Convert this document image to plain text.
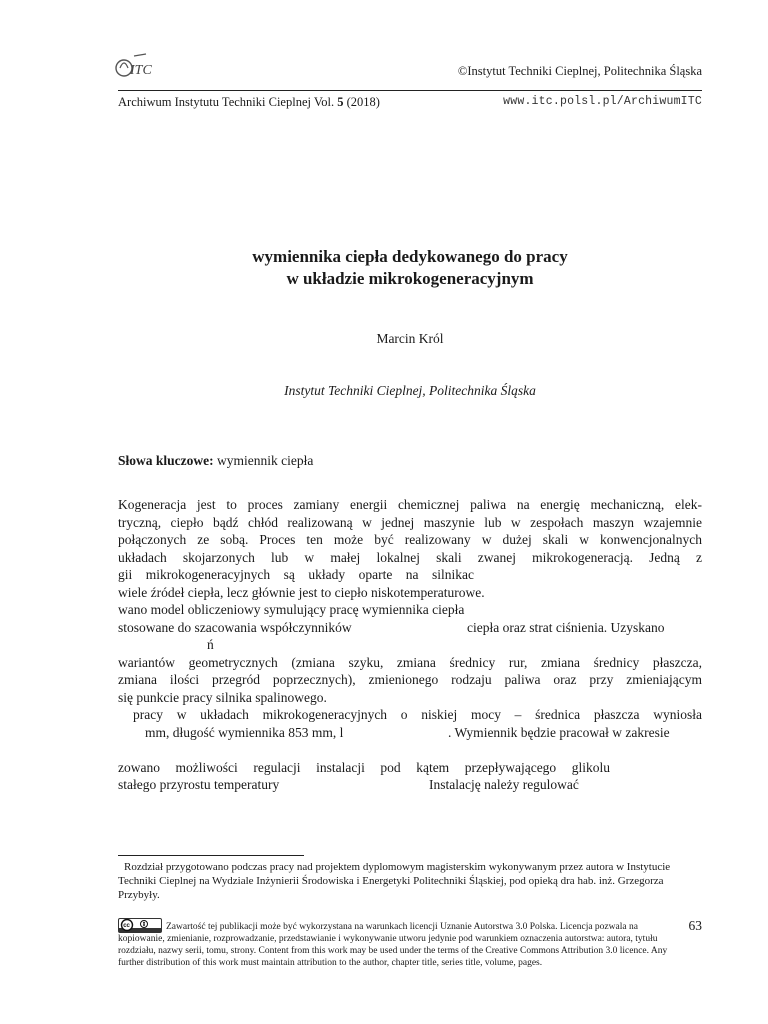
ITC	©Instytut Techniki Cieplnej, Politechnika Śląska
Archiwum Instytutu Techniki Cieplnej Vol. 5 (2018)	www.itc.polsl.pl/ArchiwumITC
wymiennika ciepła dedykowanego do pracy
w układzie mikrokogeneracyjnym
Marcin Król
Instytut Techniki Cieplnej, Politechnika Śląska
Słowa kluczowe: wymiennik ciepła
Kogeneracja jest to proces zamiany energii chemicznej paliwa na energię mechaniczną, elek-
tryczną, ciepło bądź chłód realizowaną w jednej maszynie lub w zespołach maszyn wzajemnie
połączonych ze sobą. Proces ten może być realizowany w dużej skali w konwencjonalnych
układach skojarzonych lub w małej lokalnej skali zwanej mikrokogeneracją. Jedną z
gii mikrokogeneracyjnych są układy oparte na silnikac
wiele źródeł ciepła, lecz głównie jest to ciepło niskotemperaturowe.
wano model obliczeniowy symulujący pracę wymiennika ciepła
stosowane do szacowania współczynników	ciepła oraz strat ciśnienia. Uzyskano
ń
wariantów geometrycznych (zmiana szyku, zmiana średnicy rur, zmiana średnicy płaszcza,
zmiana ilości przegród poprzecznych), zmienionego rodzaju paliwa oraz przy zmieniającym
się punkcie pracy silnika spalinowego.
pracy w układach mikrokogeneracyjnych o niskiej mocy – średnica płaszcza wyniosła
mm, długość wymiennika 853 mm, l	. Wymiennik będzie pracował w zakresie
zowano możliwości regulacji instalacji pod kątem przepływającego glikolu
stałego przyrostu temperatury	Instalację należy regulować
Rozdział przygotowano podczas pracy nad projektem dyplomowym magisterskim wykonywanym przez autora w Instytucie Techniki Cieplnej na Wydziale Inżynierii Środowiska i Energetyki Politechniki Śląskiej, pod opieką dra hab. inż. Grzegorza Przybyły.
cc	Zawartość tej publikacji może być wykorzystana na warunkach licencji Uznanie Autorstwa 3.0 Polska. Licencja pozwala na kopiowanie, zmienianie, rozprowadzanie, przedstawianie i wykonywanie utworu jedynie pod warunkiem oznaczenia autorstwa: autora, tytułu rozdziału, nazwy serii, tomu, strony. Content from this work may be used under the terms of the Creative Commons Attribution 3.0 licence. Any further distribution of this work must maintain attribution to the author, chapter title, series title, volume, pages.
63
